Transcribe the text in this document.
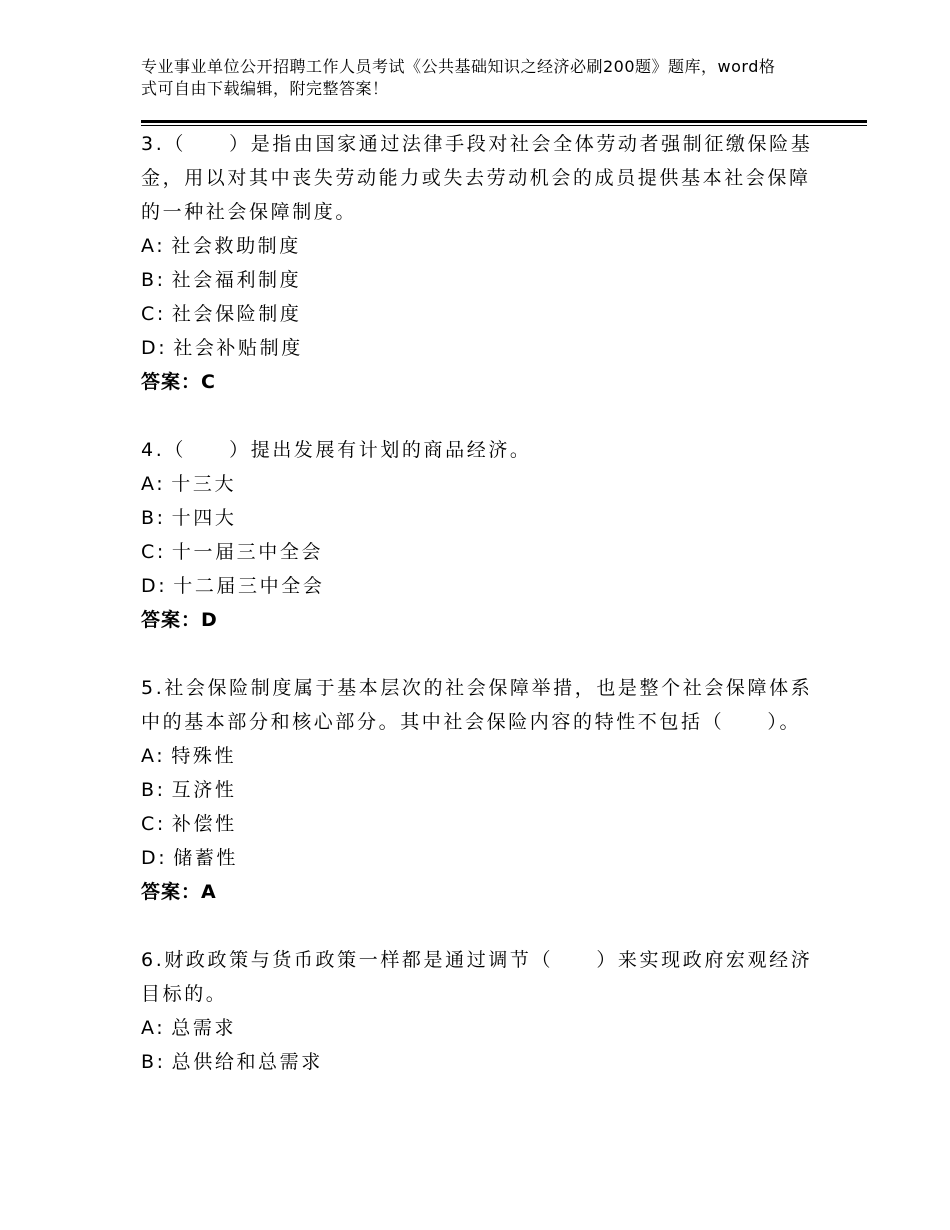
专业事业单位公开招聘工作人员考试《公共基础知识之经济必刷200题》题库，word格式可自由下载编辑，附完整答案！

3.（　　）是指由国家通过法律手段对社会全体劳动者强制征缴保险基金，用以对其中丧失劳动能力或失去劳动机会的成员提供基本社会保障的一种社会保障制度。

A: 社会救助制度

B: 社会福利制度

C: 社会保险制度

D: 社会补贴制度

答案：C

4.（　　）提出发展有计划的商品经济。

A: 十三大

B: 十四大

C: 十一届三中全会

D: 十二届三中全会

答案：D

5.社会保险制度属于基本层次的社会保障举措，也是整个社会保障体系中的基本部分和核心部分。其中社会保险内容的特性不包括（　　）。

A: 特殊性

B: 互济性

C: 补偿性

D: 储蓄性

答案：A

6.财政政策与货币政策一样都是通过调节（　　）来实现政府宏观经济目标的。

A: 总需求

B: 总供给和总需求
